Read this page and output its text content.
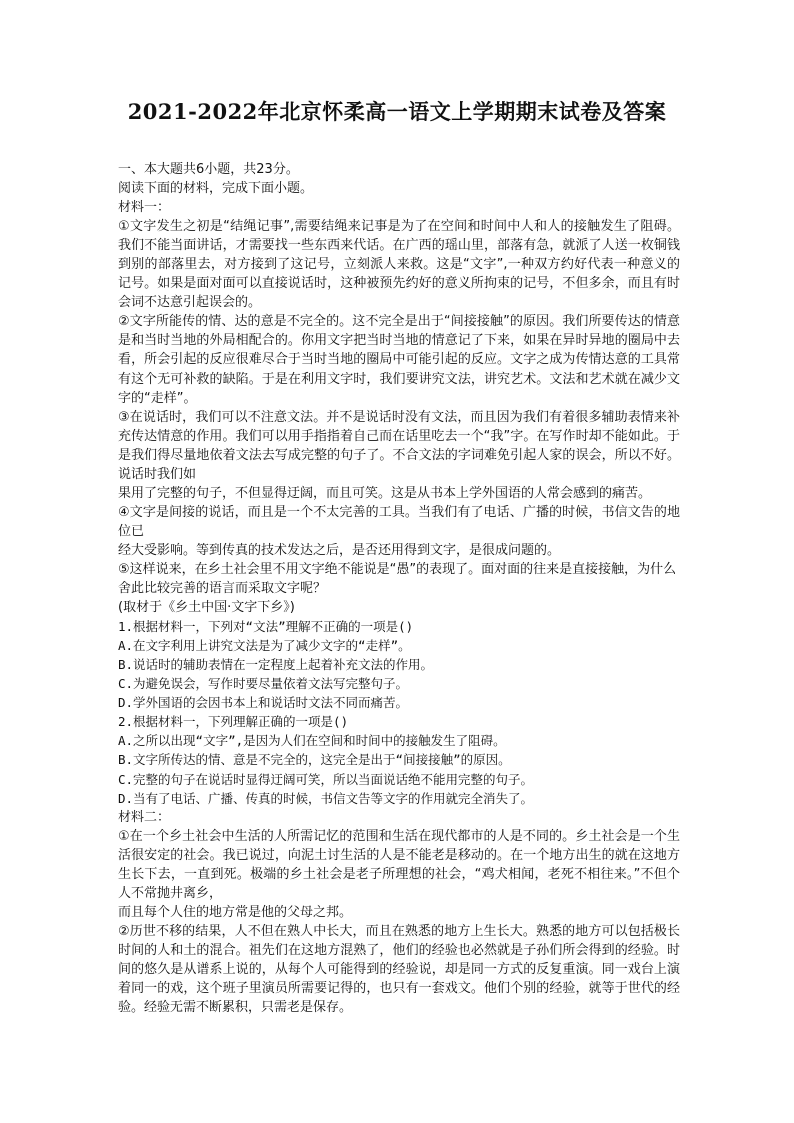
2021-2022年北京怀柔高一语文上学期期末试卷及答案

一、本大题共6小题，共23分。

阅读下面的材料，完成下面小题。

材料一：

①文字发生之初是“结绳记事”,需要结绳来记事是为了在空间和时间中人和人的接触发生了阻碍。我们不能当面讲话，才需要找一些东西来代话。在广西的瑶山里，部落有急，就派了人送一枚铜钱到别的部落里去，对方接到了这记号，立刻派人来救。这是“文字”,一种双方约好代表一种意义的记号。如果是面对面可以直接说话时，这种被预先约好的意义所拘束的记号，不但多余，而且有时会词不达意引起误会的。

②文字所能传的情、达的意是不完全的。这不完全是出于“间接接触”的原因。我们所要传达的情意是和当时当地的外局相配合的。你用文字把当时当地的情意记了下来，如果在异时异地的圈局中去看，所会引起的反应很难尽合于当时当地的圈局中可能引起的反应。文字之成为传情达意的工具常有这个无可补救的缺陷。于是在利用文字时，我们要讲究文法，讲究艺术。文法和艺术就在减少文字的“走样”。

③在说话时，我们可以不注意文法。并不是说话时没有文法，而且因为我们有着很多辅助表情来补充传达情意的作用。我们可以用手指指着自己而在话里吃去一个“我”字。在写作时却不能如此。于是我们得尽量地依着文法去写成完整的句子了。不合文法的字词难免引起人家的误会，所以不好。说话时我们如

果用了完整的句子，不但显得迂阔，而且可笑。这是从书本上学外国语的人常会感到的痛苦。

④文字是间接的说话，而且是一个不太完善的工具。当我们有了电话、广播的时候，书信文告的地位已

经大受影响。等到传真的技术发达之后，是否还用得到文字，是很成问题的。

⑤这样说来，在乡土社会里不用文字绝不能说是“愚”的表现了。面对面的往来是直接接触，为什么

舍此比较完善的语言而采取文字呢？

(取材于《乡土中国·文字下乡》)

1.根据材料一，下列对“文法”理解不正确的一项是()

A.在文字利用上讲究文法是为了减少文字的“走样”。

B.说话时的辅助表情在一定程度上起着补充文法的作用。

C.为避免误会，写作时要尽量依着文法写完整句子。

D.学外国语的会因书本上和说话时文法不同而痛苦。

2.根据材料一，下列理解正确的一项是()

A.之所以出现“文字”,是因为人们在空间和时间中的接触发生了阻碍。

B.文字所传达的情、意是不完全的，这完全是出于“间接接触”的原因。

C.完整的句子在说话时显得迂阔可笑，所以当面说话绝不能用完整的句子。

D.当有了电话、广播、传真的时候，书信文告等文字的作用就完全消失了。

材料二：

①在一个乡土社会中生活的人所需记忆的范围和生活在现代都市的人是不同的。乡土社会是一个生活很安定的社会。我已说过，向泥土讨生活的人是不能老是移动的。在一个地方出生的就在这地方生长下去，一直到死。极端的乡土社会是老子所理想的社会，“鸡犬相闻，老死不相往来。”不但个人不常抛井离乡，

而且每个人住的地方常是他的父母之邦。

②历世不移的结果，人不但在熟人中长大，而且在熟悉的地方上生长大。熟悉的地方可以包括极长时间的人和土的混合。祖先们在这地方混熟了，他们的经验也必然就是子孙们所会得到的经验。时间的悠久是从谱系上说的，从每个人可能得到的经验说，却是同一方式的反复重演。同一戏台上演着同一的戏，这个班子里演员所需要记得的，也只有一套戏文。他们个别的经验，就等于世代的经验。经验无需不断累积，只需老是保存。
